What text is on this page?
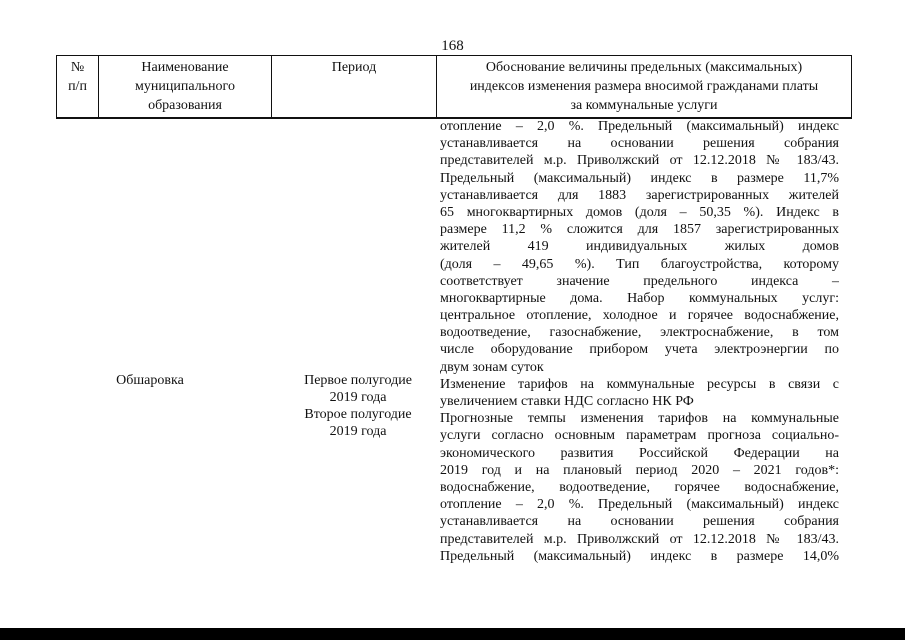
168
№
п/п
Наименование
муниципального
образования
Период	Обоснование величины предельных (максимальных)
индексов изменения размера вносимой гражданами платы
за коммунальные услуги
Обшаровка	Первое полугодие
2019 года
Второе полугодие
2019 года
отопление – 2,0 %. Предельный (максимальный) индекс
устанавливается на основании решения собрания
представителей м.р. Приволжский от 12.12.2018 № 183/43.
Предельный (максимальный) индекс в размере 11,7%
устанавливается для 1883 зарегистрированных жителей
65 многоквартирных домов (доля – 50,35 %). Индекс в
размере 11,2 % сложится для 1857 зарегистрированных
жителей 419 индивидуальных жилых домов
(доля – 49,65 %). Тип благоустройства, которому
соответствует значение предельного индекса –
многоквартирные дома. Набор коммунальных услуг:
центральное отопление, холодное и горячее водоснабжение,
водоотведение, газоснабжение, электроснабжение, в том
числе оборудование прибором учета электроэнергии по
двум зонам суток
Изменение тарифов на коммунальные ресурсы в связи с
увеличением ставки НДС согласно НК РФ
Прогнозные темпы изменения тарифов на коммунальные
услуги согласно основным параметрам прогноза социально-
экономического развития Российской Федерации на
2019 год и на плановый период 2020 – 2021 годов*:
водоснабжение, водоотведение, горячее водоснабжение,
отопление – 2,0 %. Предельный (максимальный) индекс
устанавливается на основании решения собрания
представителей м.р. Приволжский от 12.12.2018 № 183/43.
Предельный (максимальный) индекс в размере 14,0%
